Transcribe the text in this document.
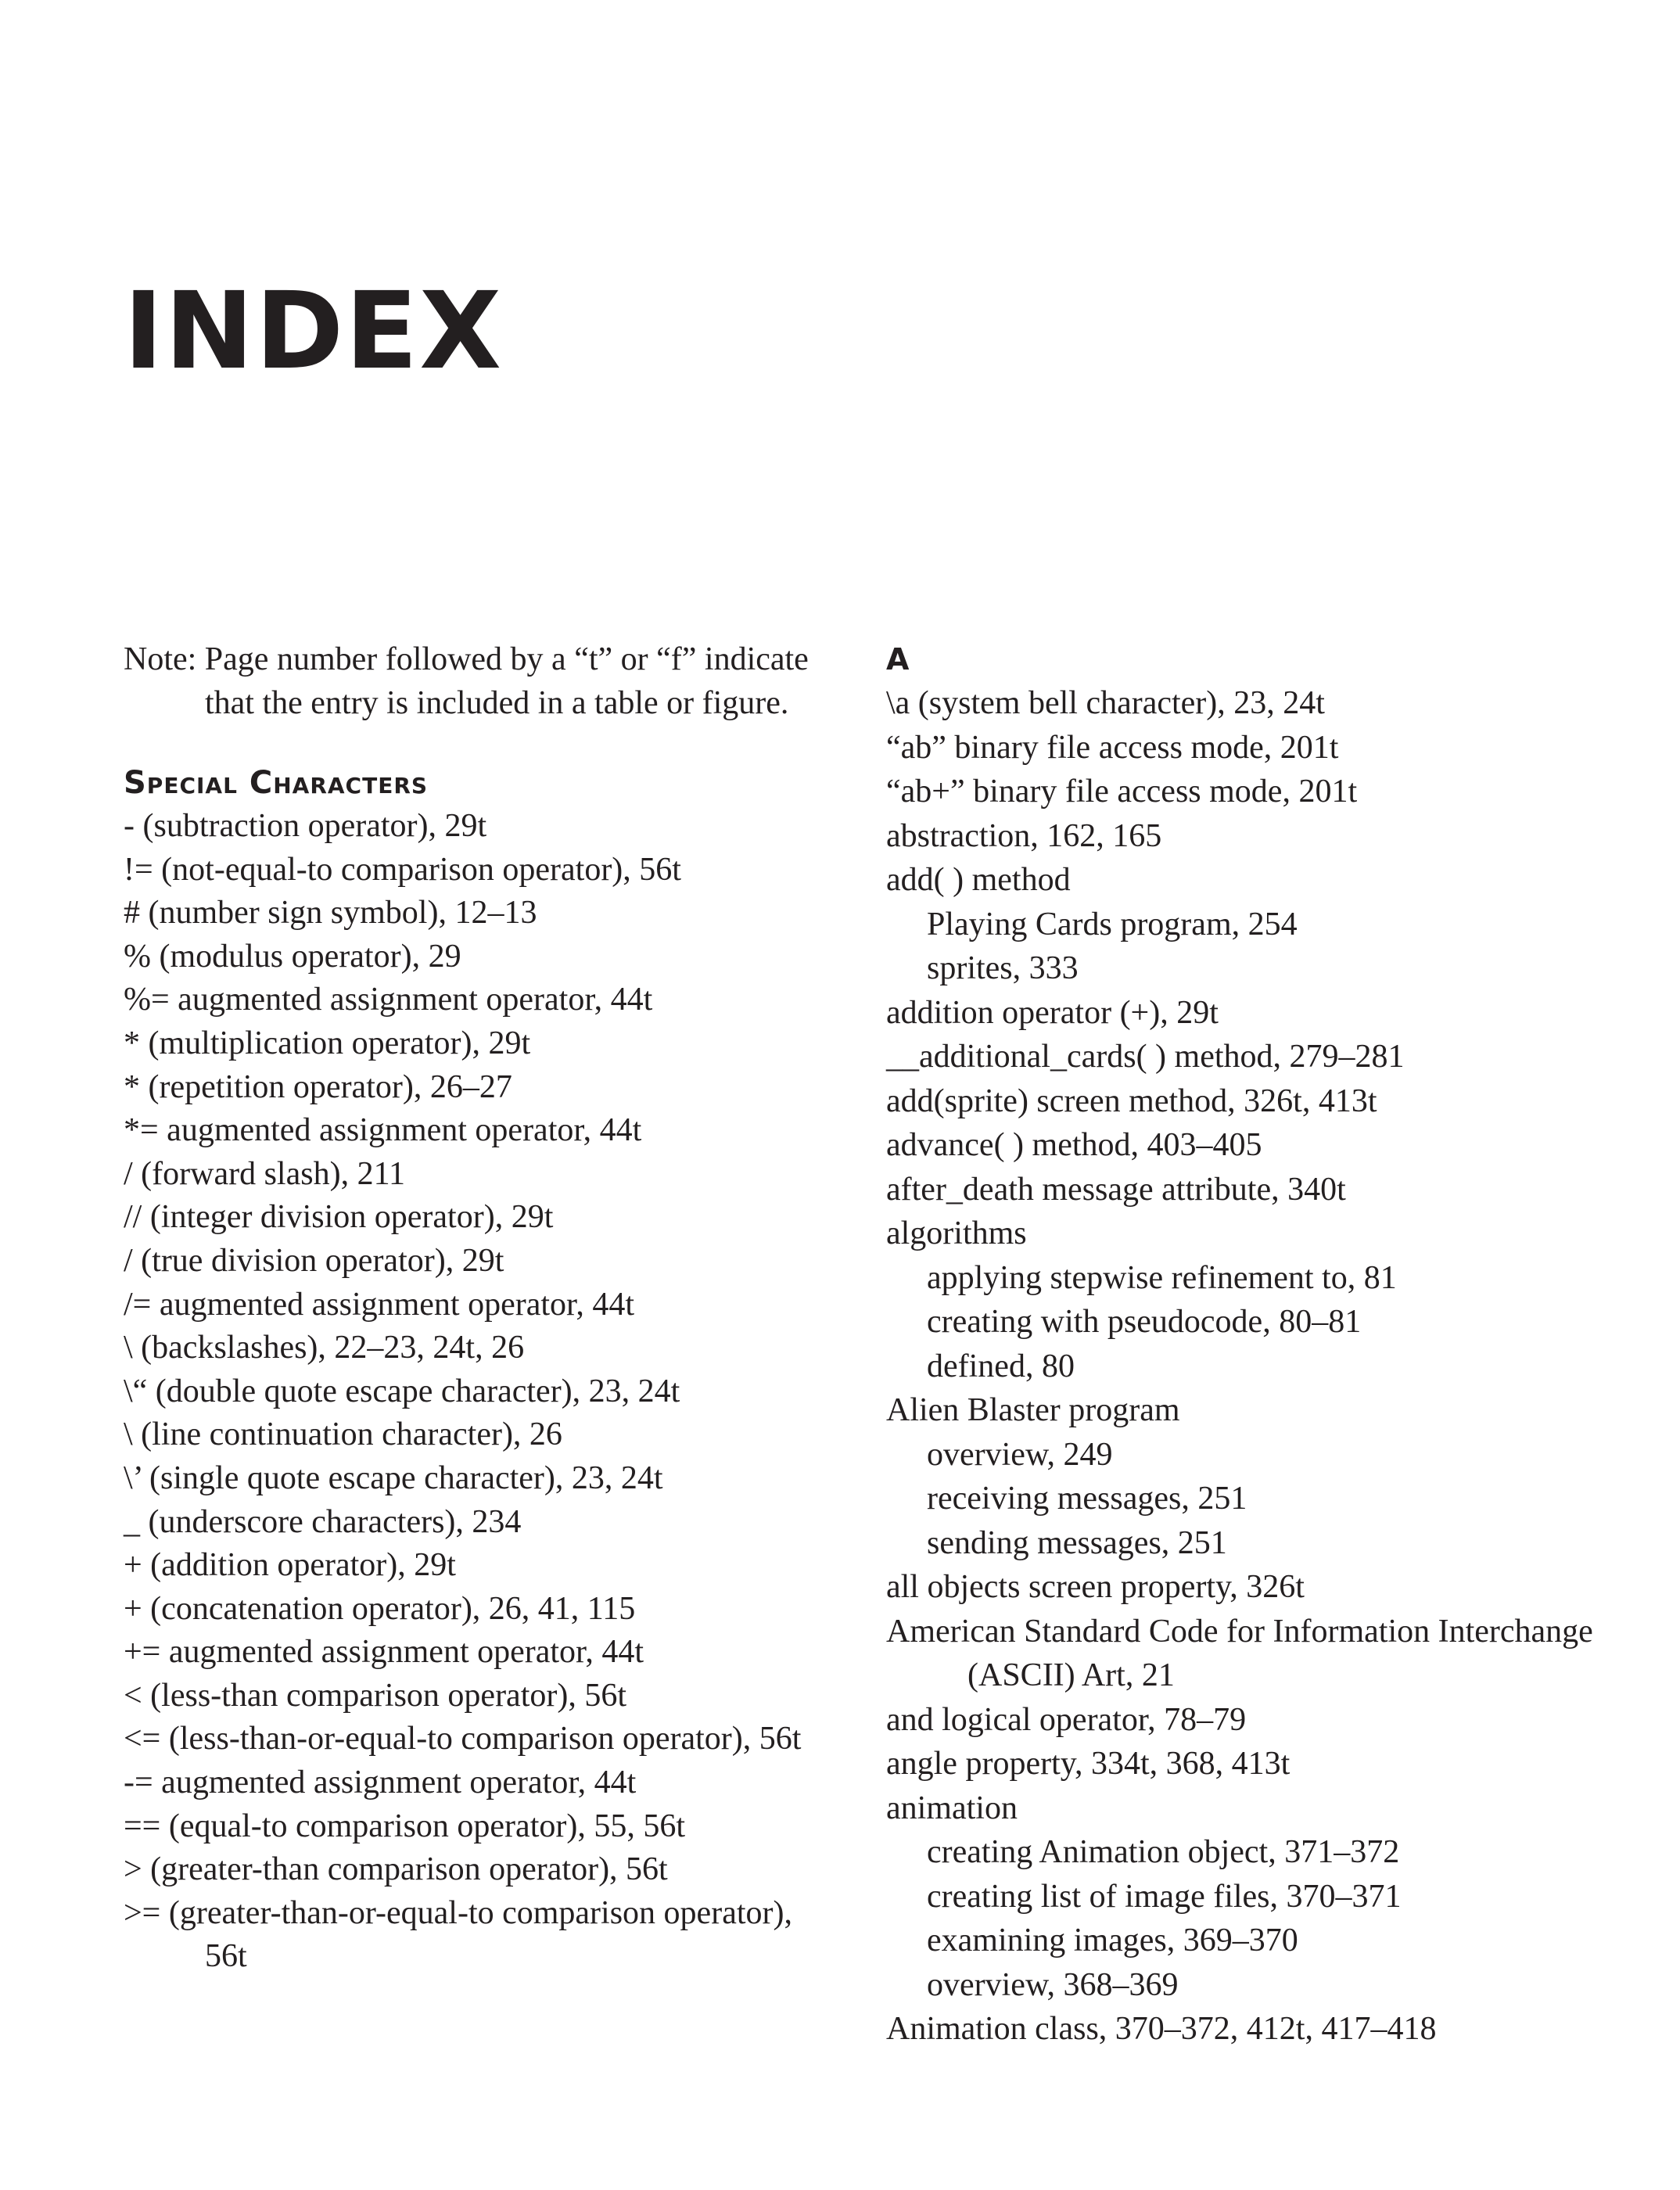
INDEX

Note: Page number followed by a “t” or “f” indicate that the entry is included in a table or figure.

Special Characters
- (subtraction operator), 29t
!= (not-equal-to comparison operator), 56t
# (number sign symbol), 12–13
% (modulus operator), 29
%= augmented assignment operator, 44t
* (multiplication operator), 29t
* (repetition operator), 26–27
*= augmented assignment operator, 44t
/ (forward slash), 211
// (integer division operator), 29t
/ (true division operator), 29t
/= augmented assignment operator, 44t
\ (backslashes), 22–23, 24t, 26
\“ (double quote escape character), 23, 24t
\ (line continuation character), 26
\’ (single quote escape character), 23, 24t
_ (underscore characters), 234
+ (addition operator), 29t
+ (concatenation operator), 26, 41, 115
+= augmented assignment operator, 44t
< (less-than comparison operator), 56t
<= (less-than-or-equal-to comparison operator), 56t
-= augmented assignment operator, 44t
== (equal-to comparison operator), 55, 56t
> (greater-than comparison operator), 56t
>= (greater-than-or-equal-to comparison operator), 56t
A
\a (system bell character), 23, 24t
“ab” binary file access mode, 201t
“ab+” binary file access mode, 201t
abstraction, 162, 165
add( ) method
Playing Cards program, 254
sprites, 333
addition operator (+), 29t
__additional_cards( ) method, 279–281
add(sprite) screen method, 326t, 413t
advance( ) method, 403–405
after_death message attribute, 340t
algorithms
applying stepwise refinement to, 81
creating with pseudocode, 80–81
defined, 80
Alien Blaster program
overview, 249
receiving messages, 251
sending messages, 251
all objects screen property, 326t
American Standard Code for Information Interchange (ASCII) Art, 21
and logical operator, 78–79
angle property, 334t, 368, 413t
animation
creating Animation object, 371–372
creating list of image files, 370–371
examining images, 369–370
overview, 368–369
Animation class, 370–372, 412t, 417–418
